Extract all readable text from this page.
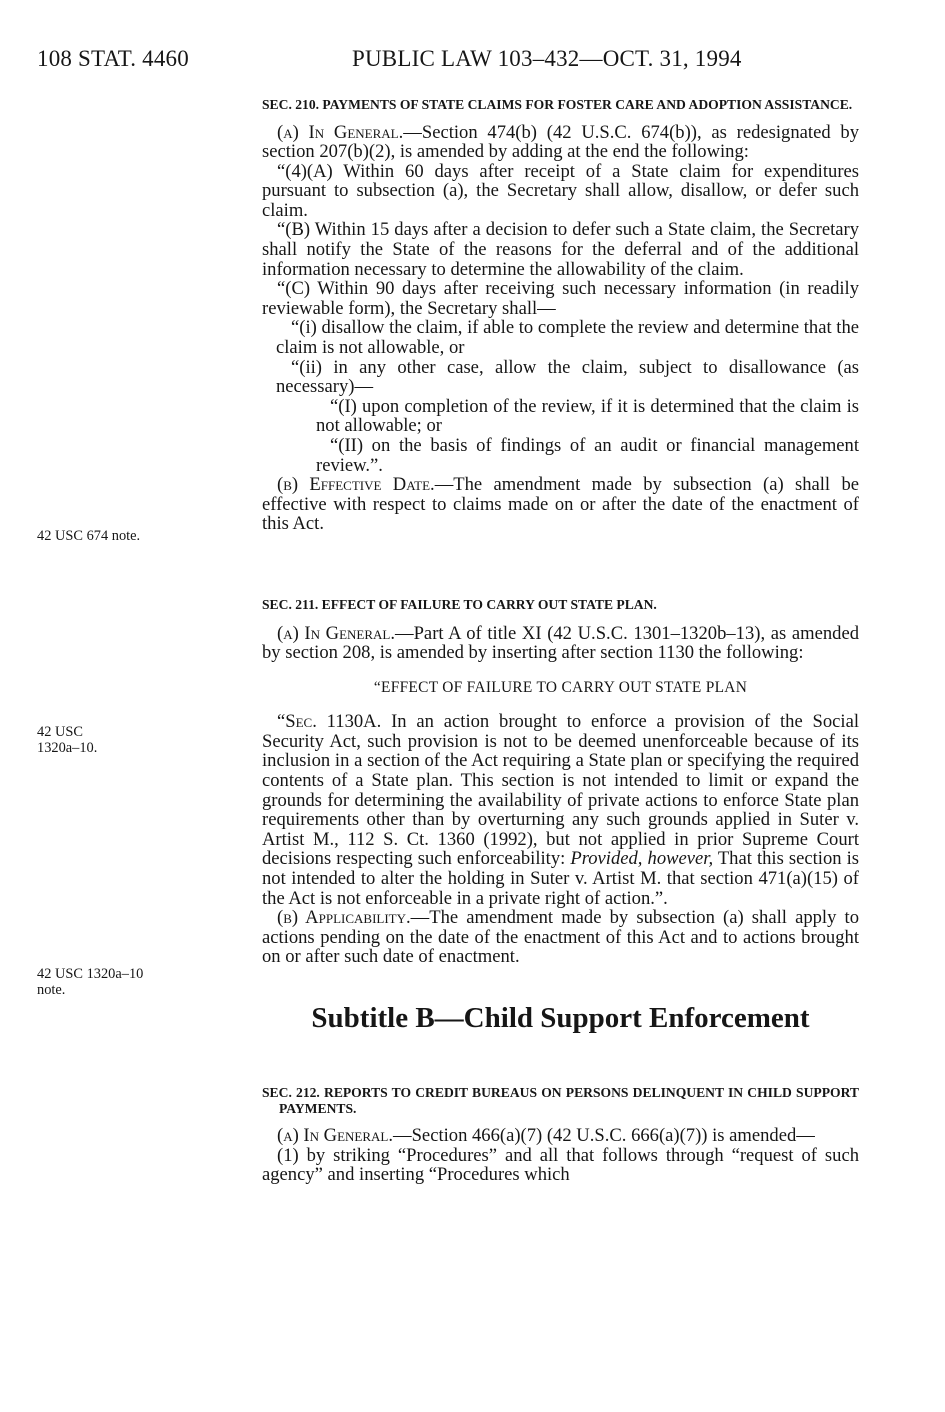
108 STAT. 4460	PUBLIC LAW 103–432—OCT. 31, 1994
42 USC 674 note.
42 USC
1320a–10.
42 USC 1320a–10
note.

SEC. 210. PAYMENTS OF STATE CLAIMS FOR FOSTER CARE AND ADOPTION ASSISTANCE.

(a) In General.—Section 474(b) (42 U.S.C. 674(b)), as redesignated by section 207(b)(2), is amended by adding at the end the following:

“(4)(A) Within 60 days after receipt of a State claim for expenditures pursuant to subsection (a), the Secretary shall allow, disallow, or defer such claim.

“(B) Within 15 days after a decision to defer such a State claim, the Secretary shall notify the State of the reasons for the deferral and of the additional information necessary to determine the allowability of the claim.

“(C) Within 90 days after receiving such necessary information (in readily reviewable form), the Secretary shall—

“(i) disallow the claim, if able to complete the review and determine that the claim is not allowable, or

“(ii) in any other case, allow the claim, subject to disallowance (as necessary)—

“(I) upon completion of the review, if it is determined that the claim is not allowable; or

“(II) on the basis of findings of an audit or financial management review.”.

(b) Effective Date.—The amendment made by subsection (a) shall be effective with respect to claims made on or after the date of the enactment of this Act.

SEC. 211. EFFECT OF FAILURE TO CARRY OUT STATE PLAN.

(a) In General.—Part A of title XI (42 U.S.C. 1301–1320b–13), as amended by section 208, is amended by inserting after section 1130 the following:

“EFFECT OF FAILURE TO CARRY OUT STATE PLAN

“Sec. 1130A. In an action brought to enforce a provision of the Social Security Act, such provision is not to be deemed unenforceable because of its inclusion in a section of the Act requiring a State plan or specifying the required contents of a State plan. This section is not intended to limit or expand the grounds for determining the availability of private actions to enforce State plan requirements other than by overturning any such grounds applied in Suter v. Artist M., 112 S. Ct. 1360 (1992), but not applied in prior Supreme Court decisions respecting such enforceability: Provided, however, That this section is not intended to alter the holding in Suter v. Artist M. that section 471(a)(15) of the Act is not enforceable in a private right of action.”.

(b) Applicability.—The amendment made by subsection (a) shall apply to actions pending on the date of the enactment of this Act and to actions brought on or after such date of enactment.

Subtitle B—Child Support Enforcement

SEC. 212. REPORTS TO CREDIT BUREAUS ON PERSONS DELINQUENT IN CHILD SUPPORT PAYMENTS.

(a) In General.—Section 466(a)(7) (42 U.S.C. 666(a)(7)) is amended—

(1) by striking “Procedures” and all that follows through “request of such agency” and inserting “Procedures which
